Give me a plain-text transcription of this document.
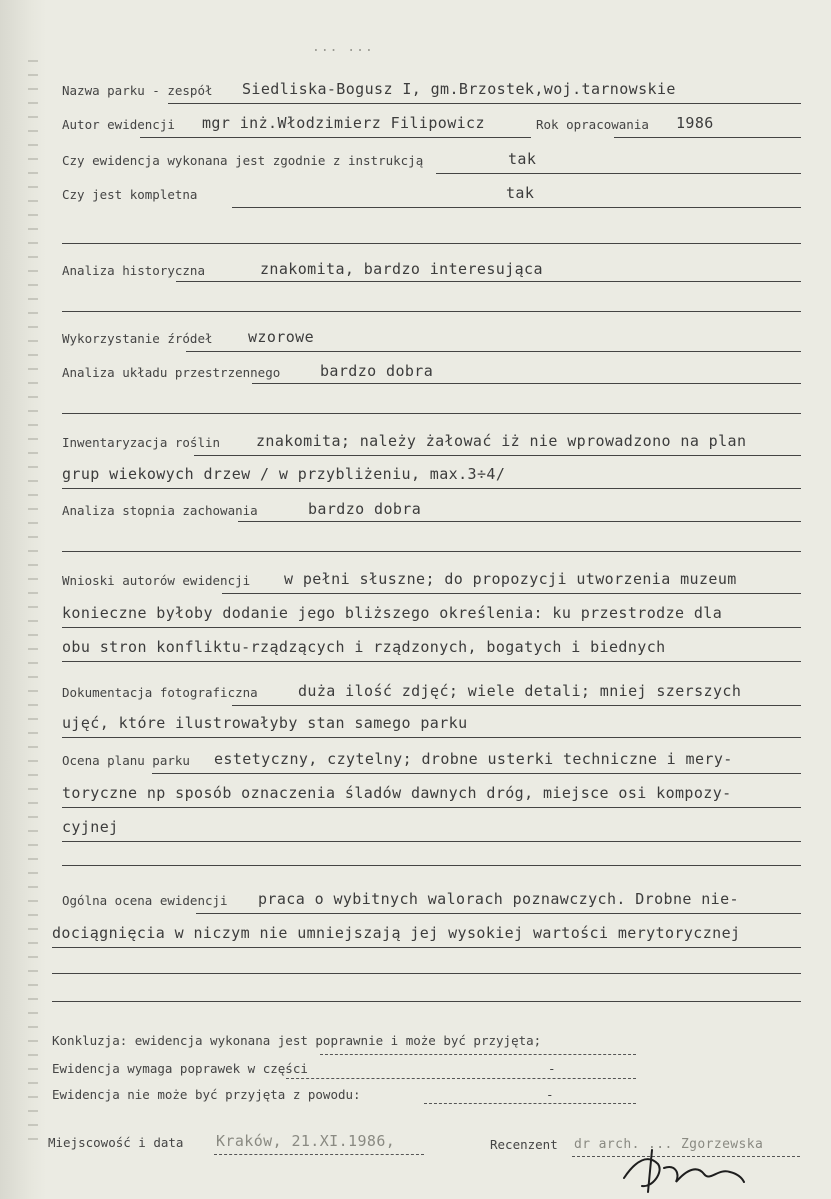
... ...
Nazwa parku - zespół Siedliska-Bogusz I, gm.Brzostek,woj.tarnowskie
Autor ewidencji mgr inż.Włodzimierz Filipowicz	Rok opracowania 1986
Czy ewidencja wykonana jest zgodnie z instrukcją	tak
Czy jest kompletna	tak
Analiza historyczna	znakomita, bardzo interesująca
Wykorzystanie źródeł wzorowe
Analiza układu przestrzennego	bardzo dobra
Inwentaryzacja roślin znakomita; należy żałować iż nie wprowadzono na plan
grup wiekowych drzew / w przybliżeniu, max.3÷4/
Analiza stopnia zachowania	bardzo dobra
Wnioski autorów ewidencji w pełni słuszne; do propozycji utworzenia muzeum
konieczne byłoby dodanie jego bliższego określenia: ku przestrodze dla
obu stron konfliktu-rządzących i rządzonych, bogatych i biednych
Dokumentacja fotograficzna	duża ilość zdjęć; wiele detali; mniej szerszych
ujęć, które ilustrowałyby stan samego parku
Ocena planu parku estetyczny, czytelny; drobne usterki techniczne i mery-
toryczne np sposób oznaczenia śladów dawnych dróg, miejsce osi kompozy-
cyjnej
Ogólna ocena ewidencji praca o wybitnych walorach poznawczych. Drobne nie-
dociągnięcia w niczym nie umniejszają jej wysokiej wartości merytorycznej
Konkluzja: ewidencja wykonana jest poprawnie i może być przyjęta;
Ewidencja wymaga poprawek w części	-
Ewidencja nie może być przyjęta z powodu:	-
Miejscowość i data Kraków, 21.XI.1986,	Recenzent dr arch. ... Zgorzewska
